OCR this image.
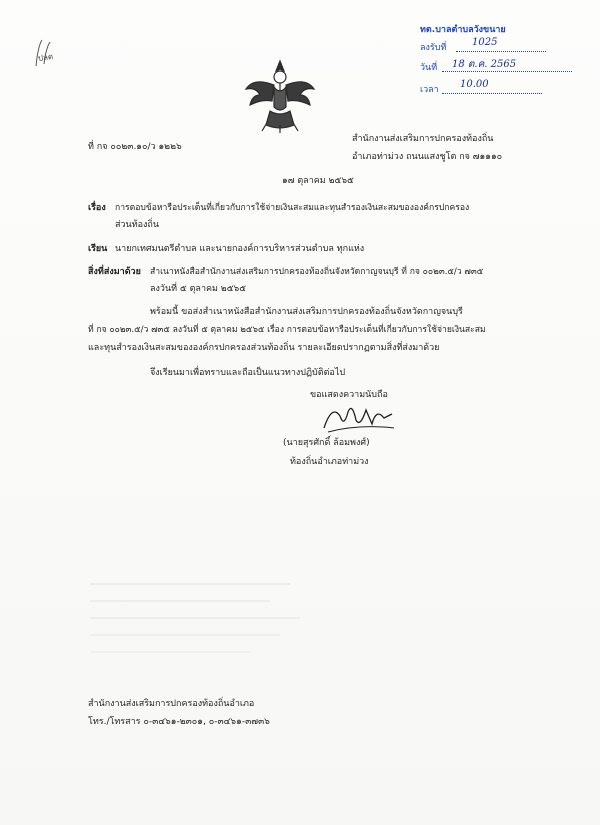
ปลด
ทต.บาลตำบลวังขนาย
ลงรับที่	1025
วันที่ 18 ต.ค. 2565
เวลา 10.00
ที่ กจ ๐๐๒๓.๑๐/ว ๑๒๒๖
สำนักงานส่งเสริมการปกครองท้องถิ่น
อำเภอท่าม่วง ถนนแสงชูโต กจ ๗๑๑๑๐
๑๗ ตุลาคม ๒๕๖๕
เรื่อง การตอบข้อหารือประเด็นที่เกี่ยวกับการใช้จ่ายเงินสะสมและทุนสำรองเงินสะสมขององค์กรปกครอง
ส่วนท้องถิ่น
เรียน นายกเทศมนตรีตำบล และนายกองค์การบริหารส่วนตำบล ทุกแห่ง
สิ่งที่ส่งมาด้วย สำเนาหนังสือสำนักงานส่งเสริมการปกครองท้องถิ่นจังหวัดกาญจนบุรี ที่ กจ ๐๐๒๓.๕/ว ๗๓๕
ลงวันที่ ๕ ตุลาคม ๒๕๖๕
พร้อมนี้ ขอส่งสำเนาหนังสือสำนักงานส่งเสริมการปกครองท้องถิ่นจังหวัดกาญจนบุรี
ที่ กจ ๐๐๒๓.๕/ว ๗๓๕ ลงวันที่ ๕ ตุลาคม ๒๕๖๕ เรื่อง การตอบข้อหารือประเด็นที่เกี่ยวกับการใช้จ่ายเงินสะสม
และทุนสำรองเงินสะสมขององค์กรปกครองส่วนท้องถิ่น รายละเอียดปรากฏตามสิ่งที่ส่งมาด้วย
จึงเรียนมาเพื่อทราบและถือเป็นแนวทางปฏิบัติต่อไป
ขอแสดงความนับถือ
(นายสุรศักดิ์ ล้อมพงศ์)
ท้องถิ่นอำเภอท่าม่วง
สำนักงานส่งเสริมการปกครองท้องถิ่นอำเภอ
โทร./โทรสาร ๐-๓๔๖๑-๒๓๐๑, ๐-๓๔๖๑-๓๗๓๖
